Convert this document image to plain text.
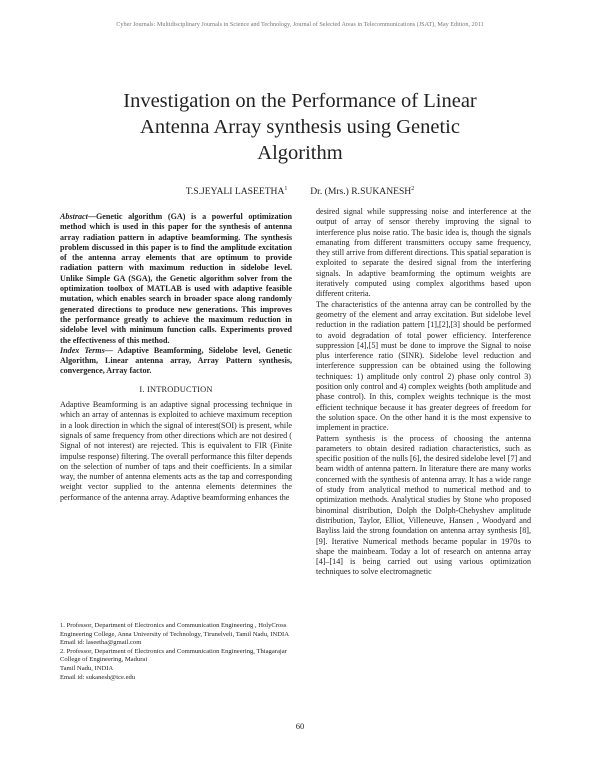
Cyber Journals: Multidisciplinary Journals in Science and Technology, Journal of Selected Areas in Telecommunications (JSAT), May Edition, 2011
Investigation on the Performance of Linear
Antenna Array synthesis using Genetic
Algorithm
T.S.JEYALI LASEETHA$^1$ Dr. (Mrs.) R.SUKANESH$^2$

Abstract—Genetic algorithm (GA) is a powerful optimization method which is used in this paper for the synthesis of antenna array radiation pattern in adaptive beamforming. The synthesis problem discussed in this paper is to find the amplitude excitation of the antenna array elements that are optimum to provide radiation pattern with maximum reduction in sidelobe level. Unlike Simple GA (SGA), the Genetic algorithm solver from the optimization toolbox of MATLAB is used with adaptive feasible mutation, which enables search in broader space along randomly generated directions to produce new generations. This improves the performance greatly to achieve the maximum reduction in sidelobe level with minimum function calls. Experiments proved the effectiveness of this method.

Index Terms— Adaptive Beamforming, Sidelobe level, Genetic Algorithm, Linear antenna array, Array Pattern synthesis, convergence, Array factor.

I. INTRODUCTION

Adaptive Beamforming is an adaptive signal processing technique in which an array of antennas is exploited to achieve maximum reception in a look direction in which the signal of interest(SOI) is present, while signals of same frequency from other directions which are not desired ( Signal of not interest) are rejected. This is equivalent to FIR (Finite impulse response) filtering. The overall performance this filter depends on the selection of number of taps and their coefficients. In a similar way, the number of antenna elements acts as the tap and corresponding weight vector supplied to the antenna elements determines the performance of the antenna array. Adaptive beamforming enhances the

desired signal while suppressing noise and interference at the output of array of sensor thereby improving the signal to interference plus noise ratio. The basic idea is, though the signals emanating from different transmitters occupy same frequency, they still arrive from different directions. This spatial separation is exploited to separate the desired signal from the interfering signals. In adaptive beamforming the optimum weights are iteratively computed using complex algorithms based upon different criteria.

The characteristics of the antenna array can be controlled by the geometry of the element and array excitation. But sidelobe level reduction in the radiation pattern [1],[2],[3] should be performed to avoid degradation of total power efficiency. Interference suppression [4],[5] must be done to improve the Signal to noise plus interference ratio (SINR). Sidelobe level reduction and interference suppression can be obtained using the following techniques: 1) amplitude only control 2) phase only control 3) position only control and 4) complex weights (both amplitude and phase control). In this, complex weights technique is the most efficient technique because it has greater degrees of freedom for the solution space. On the other hand it is the most expensive to implement in practice.

Pattern synthesis is the process of choosing the antenna parameters to obtain desired radiation characteristics, such as specific position of the nulls [6], the desired sidelobe level [7] and beam width of antenna pattern. In literature there are many works concerned with the synthesis of antenna array. It has a wide range of study from analytical method to numerical method and to optimization methods. Analytical studies by Stone who proposed binominal distribution, Dolph the Dolph-Chebyshev amplitude distribution, Taylor, Elliot, Villeneuve, Hansen , Woodyard and Bayliss laid the strong foundation on antenna array synthesis [8],[9]. Iterative Numerical methods became popular in 1970s to shape the mainbeam. Today a lot of research on antenna array [4]–[14] is being carried out using various optimization techniques to solve electromagnetic

1. Professor, Department of Electronics and Communication Engineering , HolyCross Engineering College, Anna University of Technology, Tirunelveli, Tamil Nadu, INDIA

Email id: laseetha@gmail.com

2. Professor, Department of Electronics and Communication Engineering, Thiagarajar College of Engineering, Madurai

Tamil Nadu, INDIA

Email id: sukanesh@tce.edu

60
